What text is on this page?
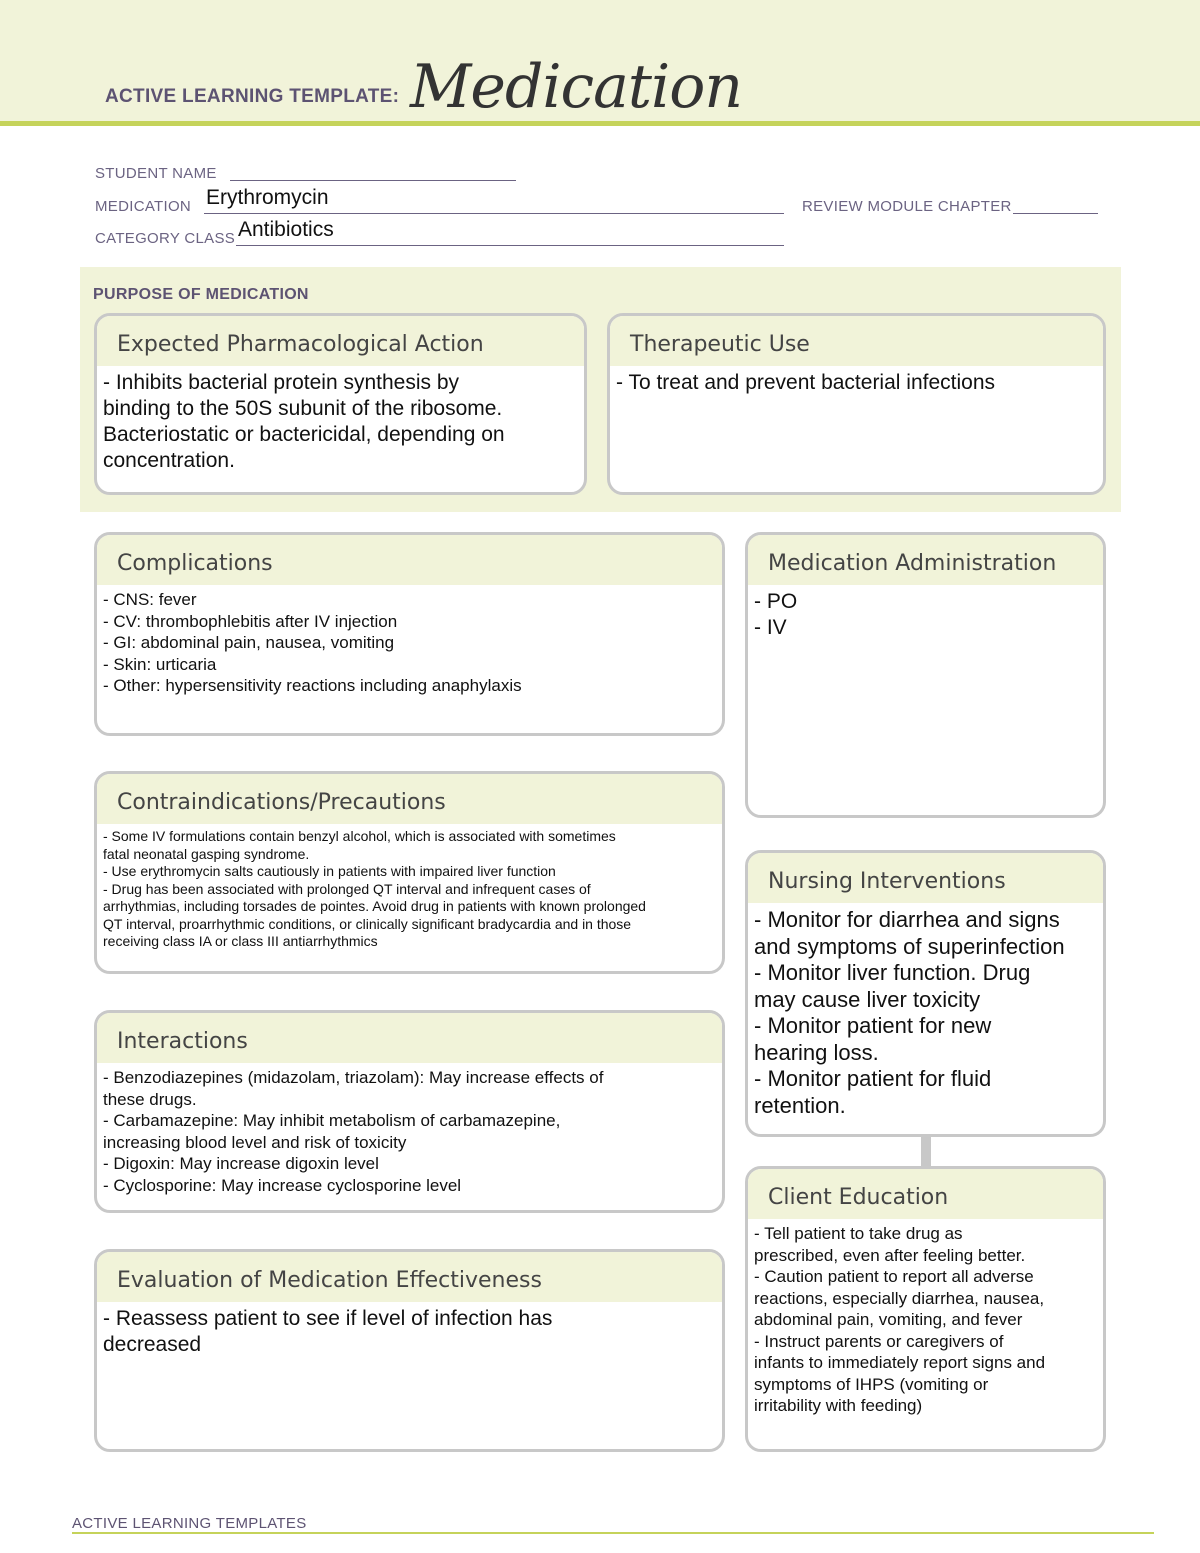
ACTIVE LEARNING TEMPLATE: Medication
STUDENT NAME
MEDICATION Erythromycin	REVIEW MODULE CHAPTER
CATEGORY CLASS Antibiotics
PURPOSE OF MEDICATION
Expected Pharmacological Action
- Inhibits bacterial protein synthesis by
binding to the 50S subunit of the ribosome.
Bacteriostatic or bactericidal, depending on
concentration.
Therapeutic Use
- To treat and prevent bacterial infections
Complications
- CNS: fever
- CV: thrombophlebitis after IV injection
- GI: abdominal pain, nausea, vomiting
- Skin: urticaria
- Other: hypersensitivity reactions including anaphylaxis
Contraindications/Precautions
- Some IV formulations contain benzyl alcohol, which is associated with sometimes
fatal neonatal gasping syndrome.
- Use erythromycin salts cautiously in patients with impaired liver function
- Drug has been associated with prolonged QT interval and infrequent cases of
arrhythmias, including torsades de pointes. Avoid drug in patients with known prolonged
QT interval, proarrhythmic conditions, or clinically significant bradycardia and in those
receiving class IA or class III antiarrhythmics
Interactions
- Benzodiazepines (midazolam, triazolam): May increase effects of
these drugs.
- Carbamazepine: May inhibit metabolism of carbamazepine,
increasing blood level and risk of toxicity
- Digoxin: May increase digoxin level
- Cyclosporine: May increase cyclosporine level
Evaluation of Medication Effectiveness
- Reassess patient to see if level of infection has
decreased
Medication Administration
- PO
- IV
Nursing Interventions
- Monitor for diarrhea and signs
and symptoms of superinfection
- Monitor liver function. Drug
may cause liver toxicity
- Monitor patient for new
hearing loss.
- Monitor patient for fluid
retention.
Client Education
- Tell patient to take drug as
prescribed, even after feeling better.
- Caution patient to report all adverse
reactions, especially diarrhea, nausea,
abdominal pain, vomiting, and fever
- Instruct parents or caregivers of
infants to immediately report signs and
symptoms of IHPS (vomiting or
irritability with feeding)
ACTIVE LEARNING TEMPLATES
